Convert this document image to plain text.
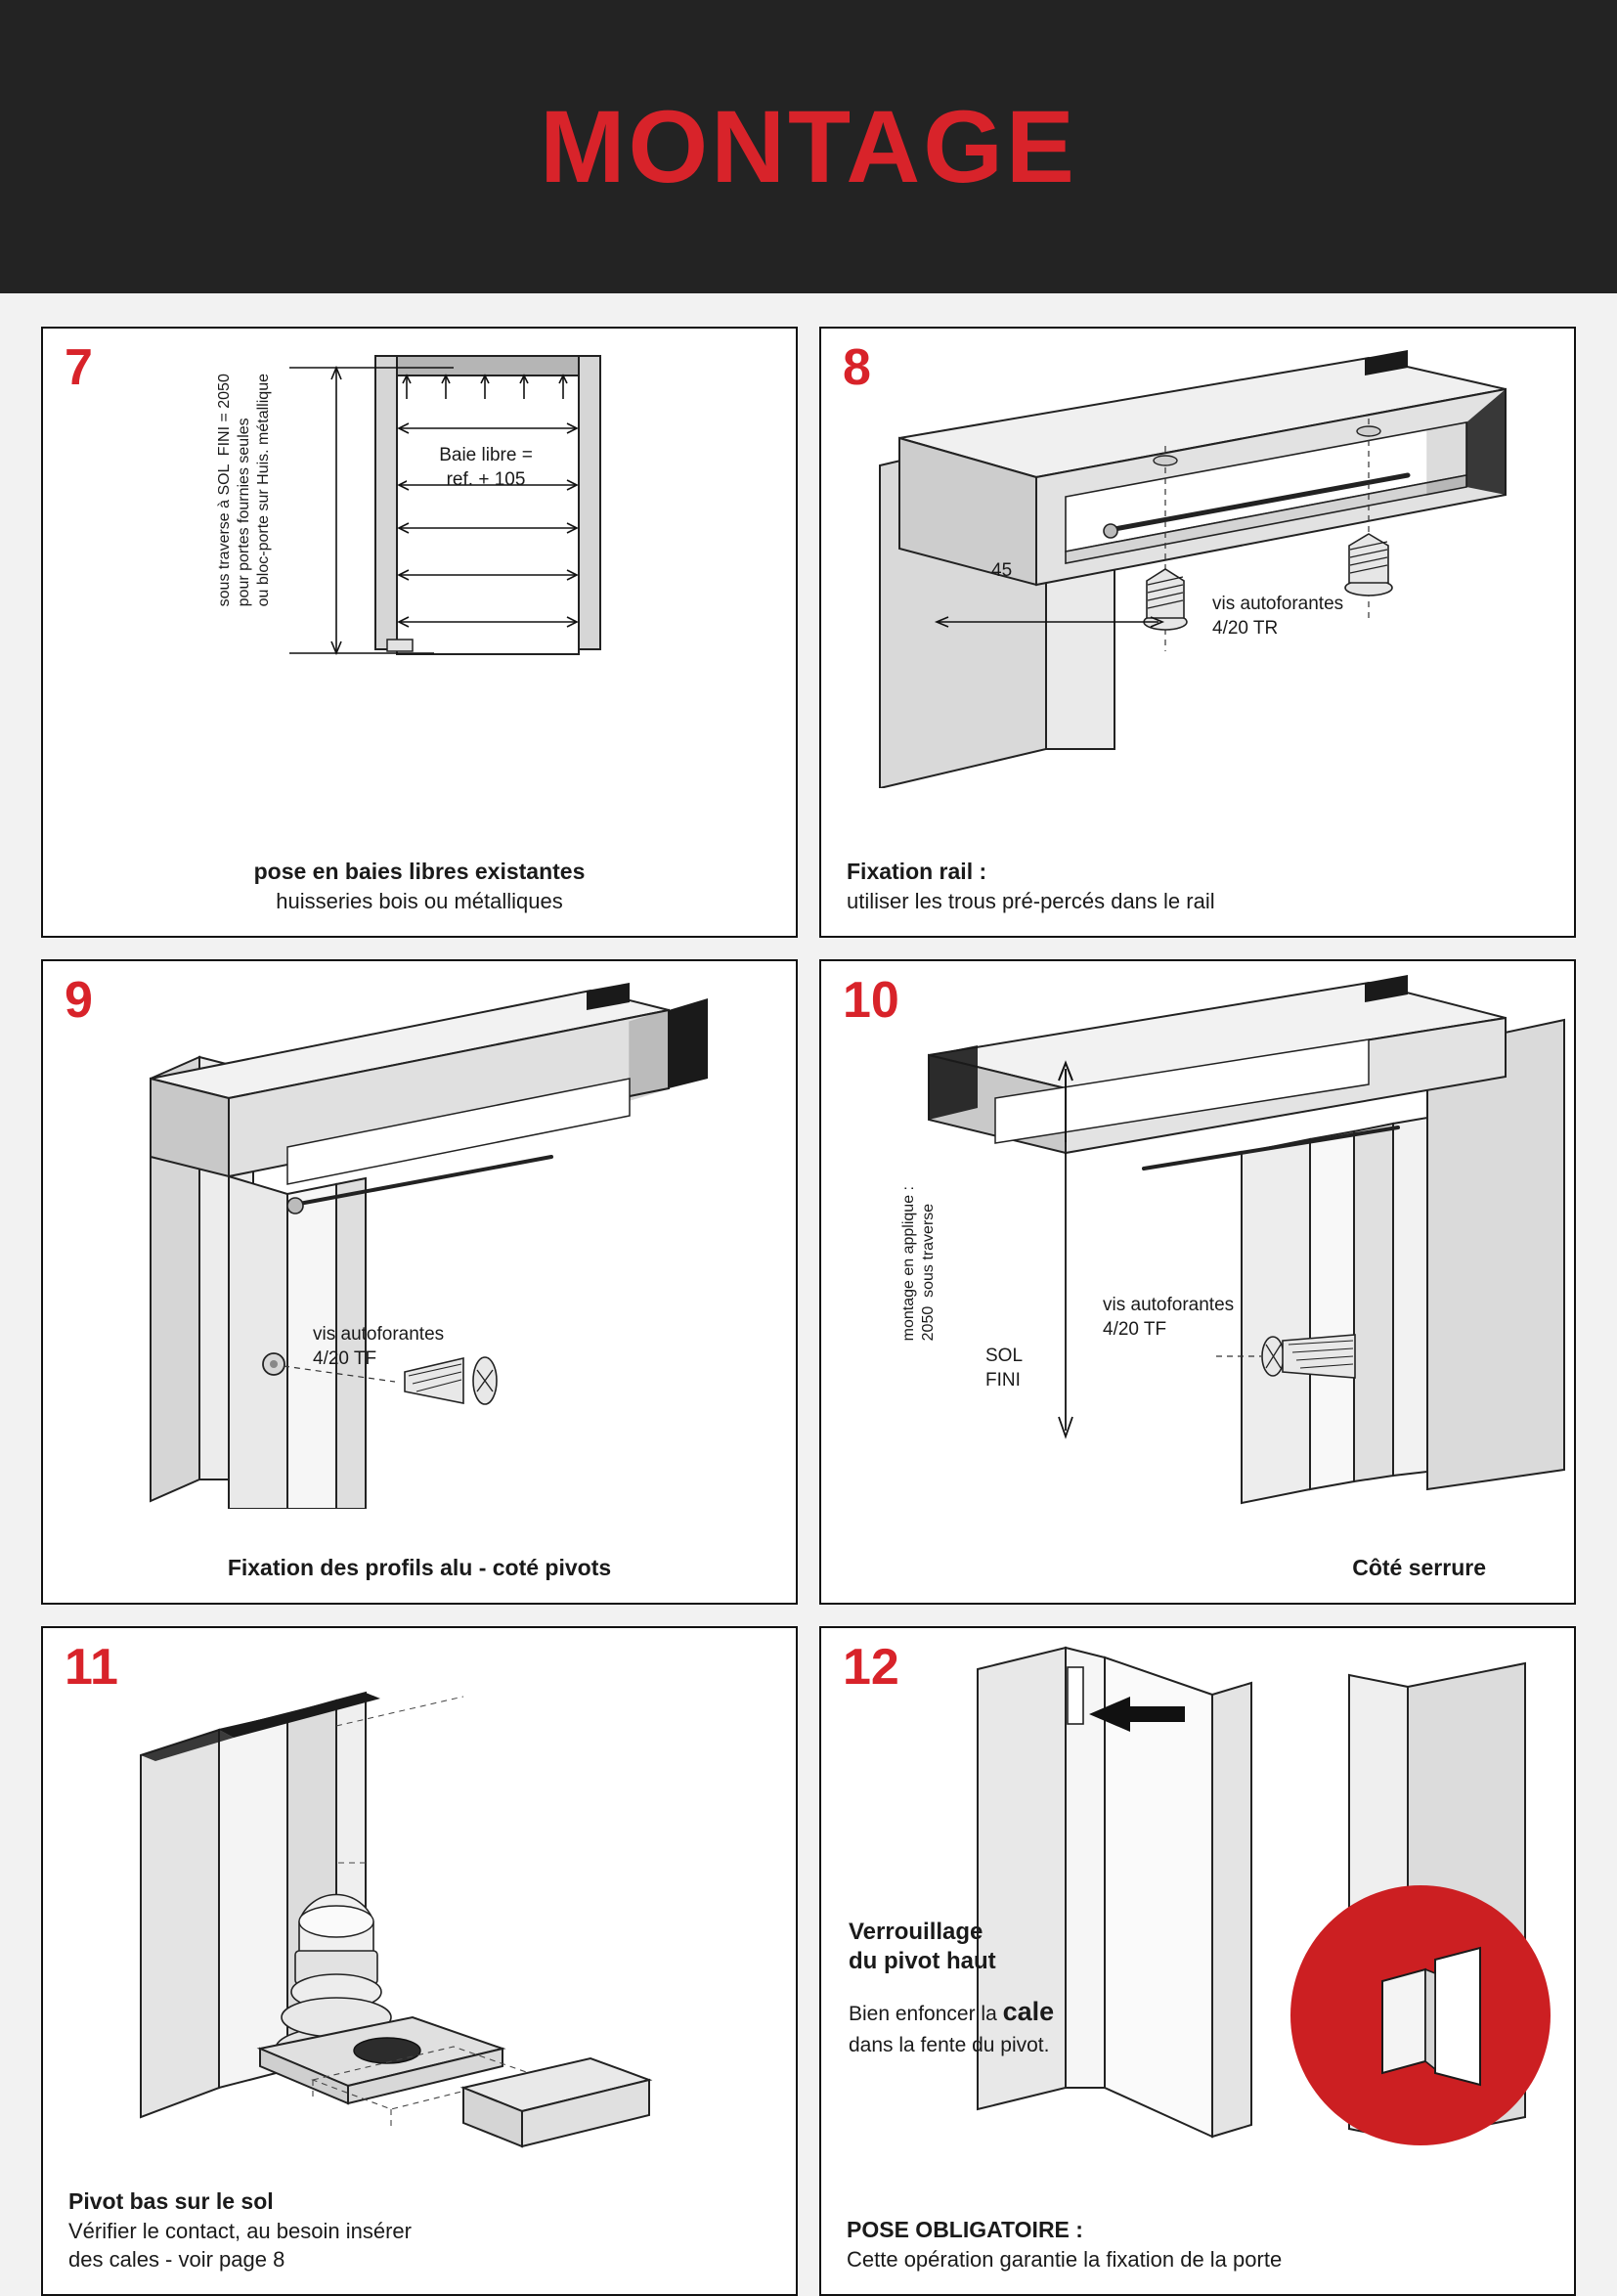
MONTAGE
7
sous traverse à SOL  FINI = 2050
pour portes fournies seules
ou bloc-porte sur Huis. métallique
Baie libre =
ref. + 105
pose en baies libres existantes
huisseries bois ou métalliques
8
45
vis autoforantes
4/20 TR
Fixation rail :
utiliser les trous pré-percés dans le rail
9
vis autoforantes
4/20 TF
Fixation des profils alu - coté pivots
10
montage en applique :
2050  sous traverse
SOL
FINI
vis autoforantes
4/20 TF
Côté serrure
11
Pivot bas sur le sol
Vérifier le contact, au besoin insérer
des cales - voir page 8
12
Verrouillage
du pivot haut
Bien enfoncer la cale
dans la fente du pivot.
POSE OBLIGATOIRE :
Cette opération garantie la fixation de la porte
